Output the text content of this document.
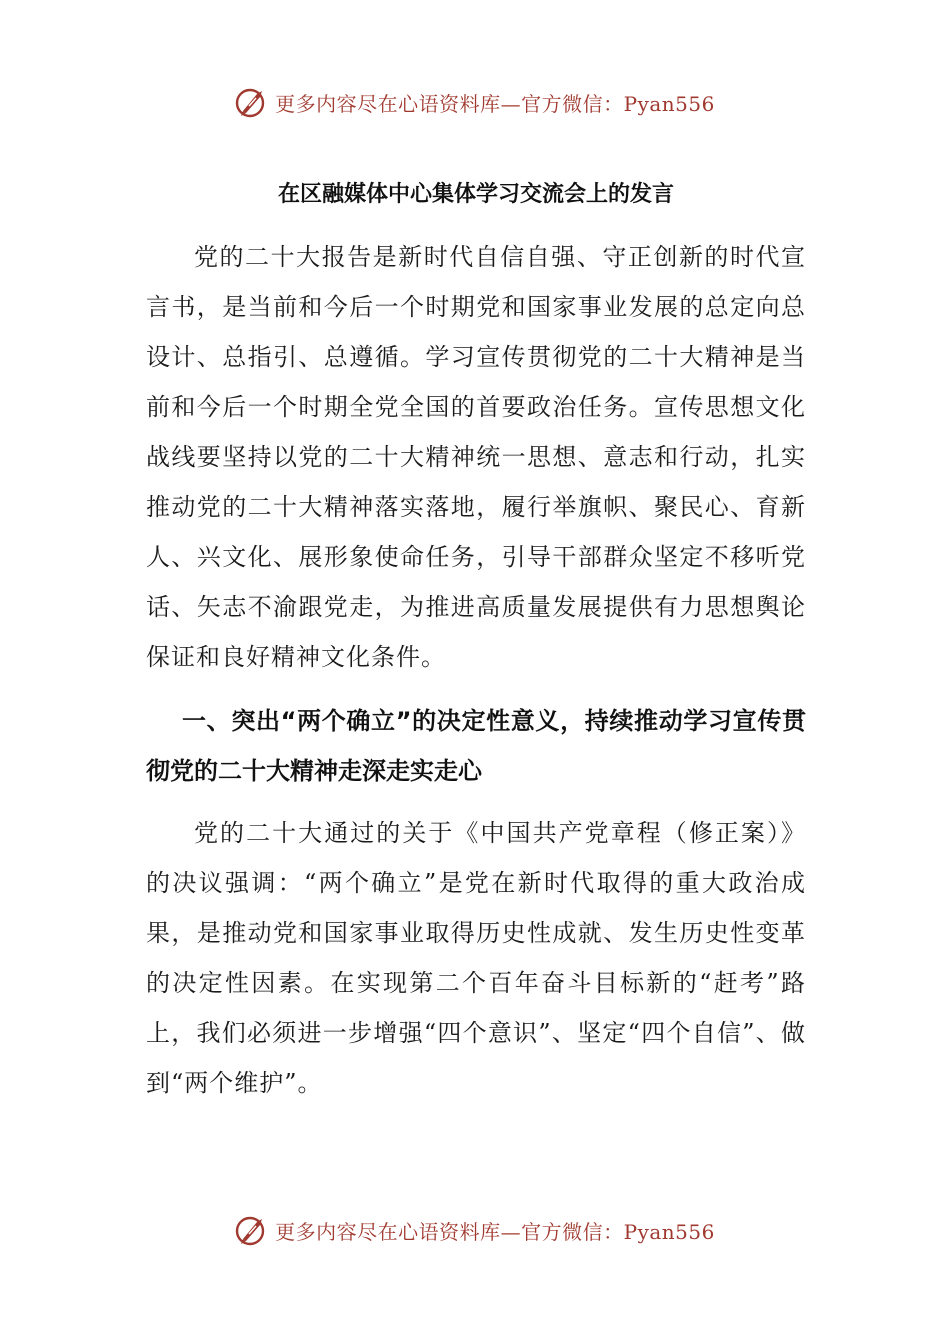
更多内容尽在心语资料库—官方微信：Pyan556
在区融媒体中心集体学习交流会上的发言

党的二十大报告是新时代自信自强、守正创新的时代宣言书，是当前和今后一个时期党和国家事业发展的总定向总设计、总指引、总遵循。学习宣传贯彻党的二十大精神是当前和今后一个时期全党全国的首要政治任务。宣传思想文化战线要坚持以党的二十大精神统一思想、意志和行动，扎实推动党的二十大精神落实落地，履行举旗帜、聚民心、育新人、兴文化、展形象使命任务，引导干部群众坚定不移听党话、矢志不渝跟党走，为推进高质量发展提供有力思想舆论保证和良好精神文化条件。

一、突出“两个确立”的决定性意义，持续推动学习宣传贯彻党的二十大精神走深走实走心

党的二十大通过的关于《中国共产党章程（修正案）》的决议强调：“两个确立”是党在新时代取得的重大政治成果，是推动党和国家事业取得历史性成就、发生历史性变革的决定性因素。在实现第二个百年奋斗目标新的“赶考”路上，我们必须进一步增强“四个意识”、坚定“四个自信”、做到“两个维护”。

更多内容尽在心语资料库—官方微信：Pyan556
